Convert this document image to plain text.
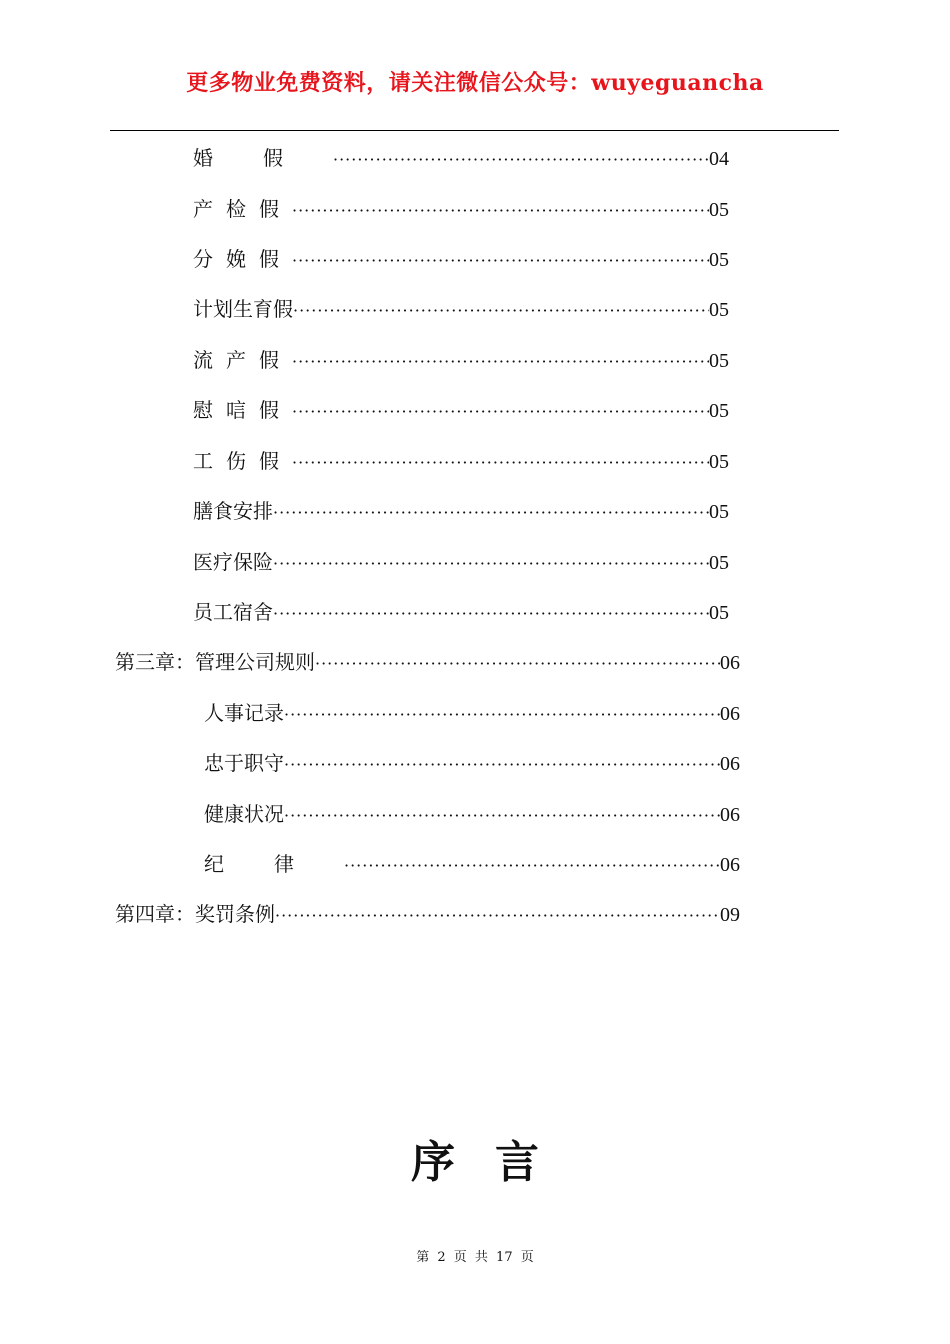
更多物业免费资料，请关注微信公众号：wuyeguancha
婚假 ·····	04
产检假 ·····	05
分娩假 ·····	05
计划生育假 ·····	05
流产假 ·····	05
慰唁假 ·····	05
工伤假 ·····	05
膳食安排 ·····	05
医疗保险 ·····	05
员工宿舍 ·····	05
第三章：管理公司规则 ·····	06
人事记录 ·····	06
忠于职守 ·····	06
健康状况 ·····	06
纪律 ·····	06
第四章：奖罚条例 ·····	09
序言
第 2 页 共 17 页
